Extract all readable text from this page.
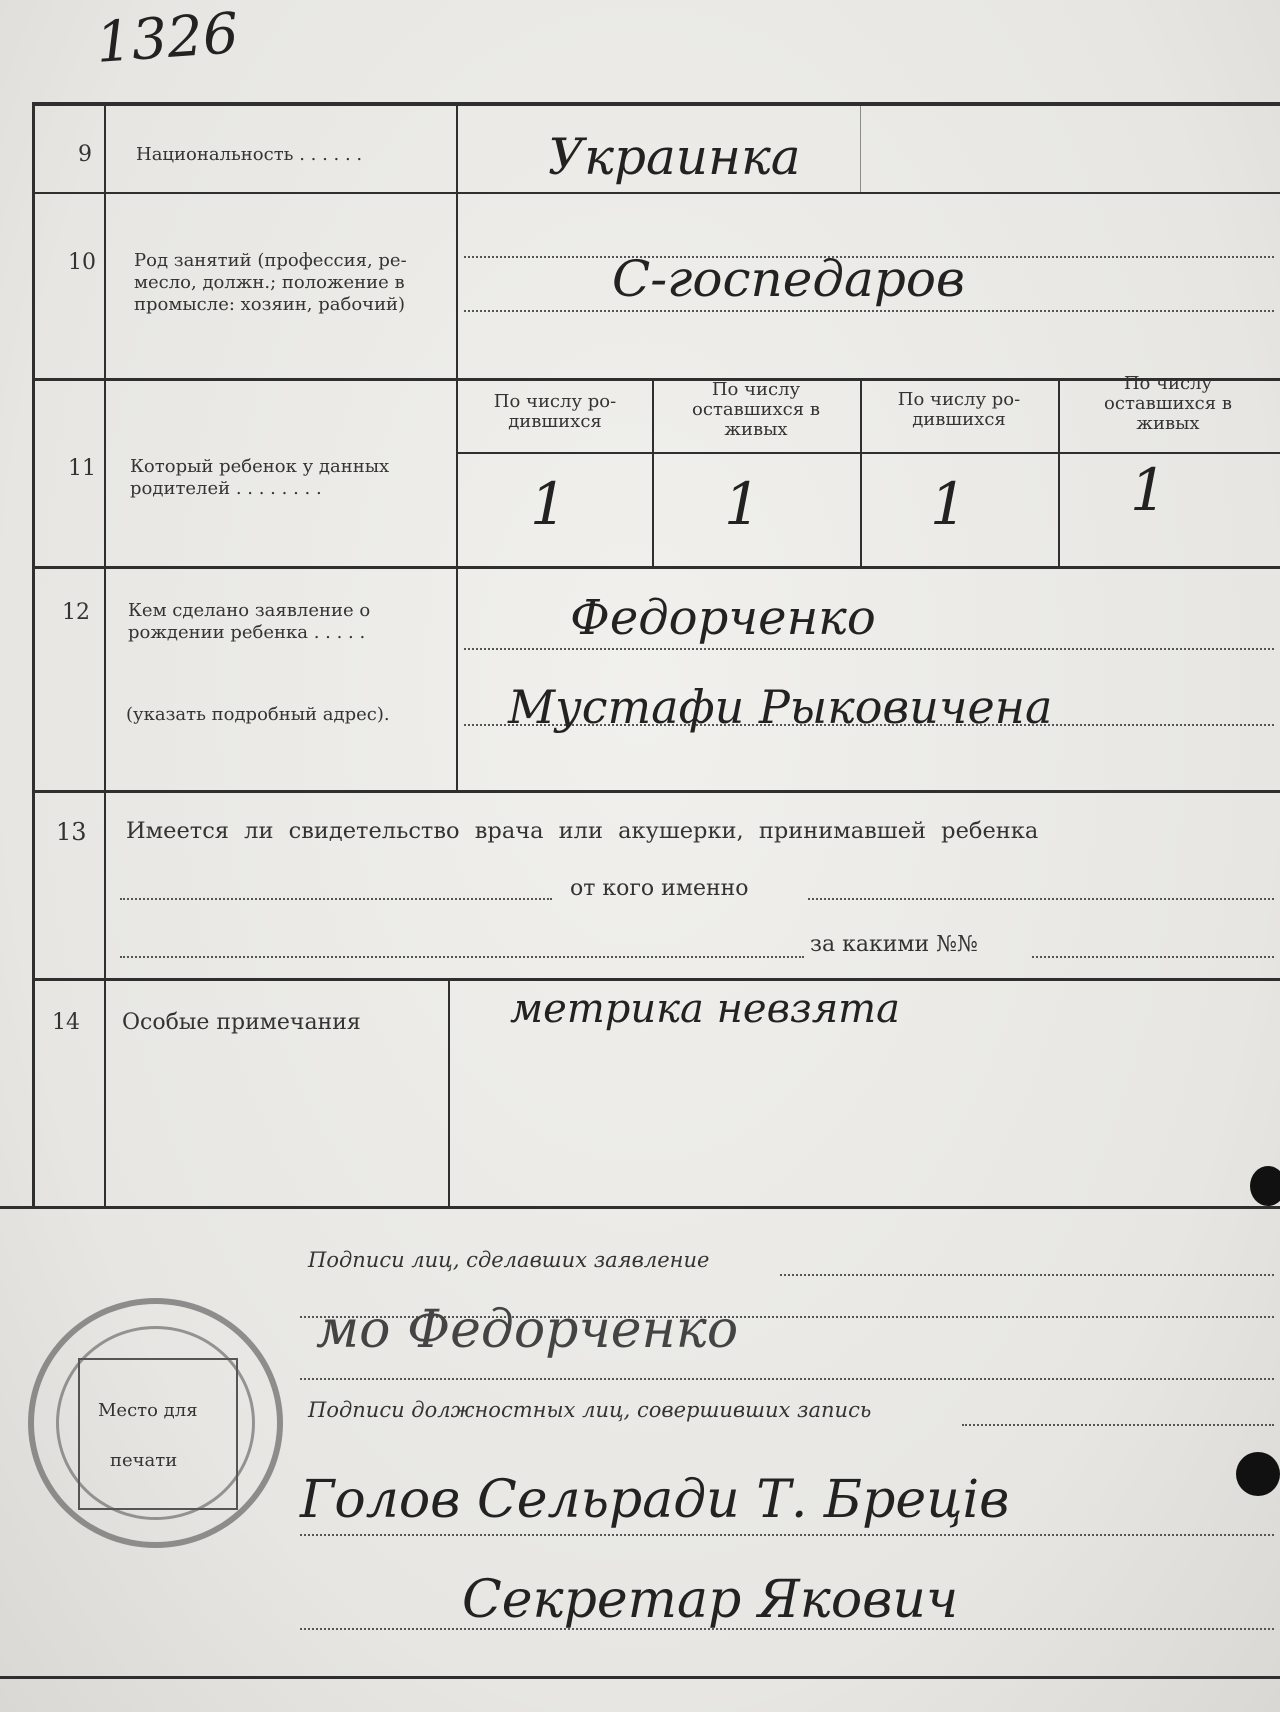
1326
9 Национальность . . . . . .	Украинка
10 Род занятий (профессия, ре-
месло, должн.; положение в
промысле: хозяин, рабочий)	С-госпедаров
11 Который ребенок у данных
родителей . . . . . . . .
По числу ро-
дившихся
По числу
оставшихся в
живых
По числу ро-
дившихся
По числу
оставшихся в
живых
1	1	1	1
12 Кем сделано заявление о
рождении ребенка . . . . .
(указать подробный адрес).
Федорченко
Мустафи Рыковичена
13 Имеется ли свидетельство врача или акушерки, принимавшей ребенка
от кого именно
за какими №№
14 Особые примечания	метрика невзята
Подписи лиц, сделавших заявление
мо Федорченко
Подписи должностных лиц, совершивших запись
Голов Сельради Т. Бреців
Секретар Якович
Место для
печати
